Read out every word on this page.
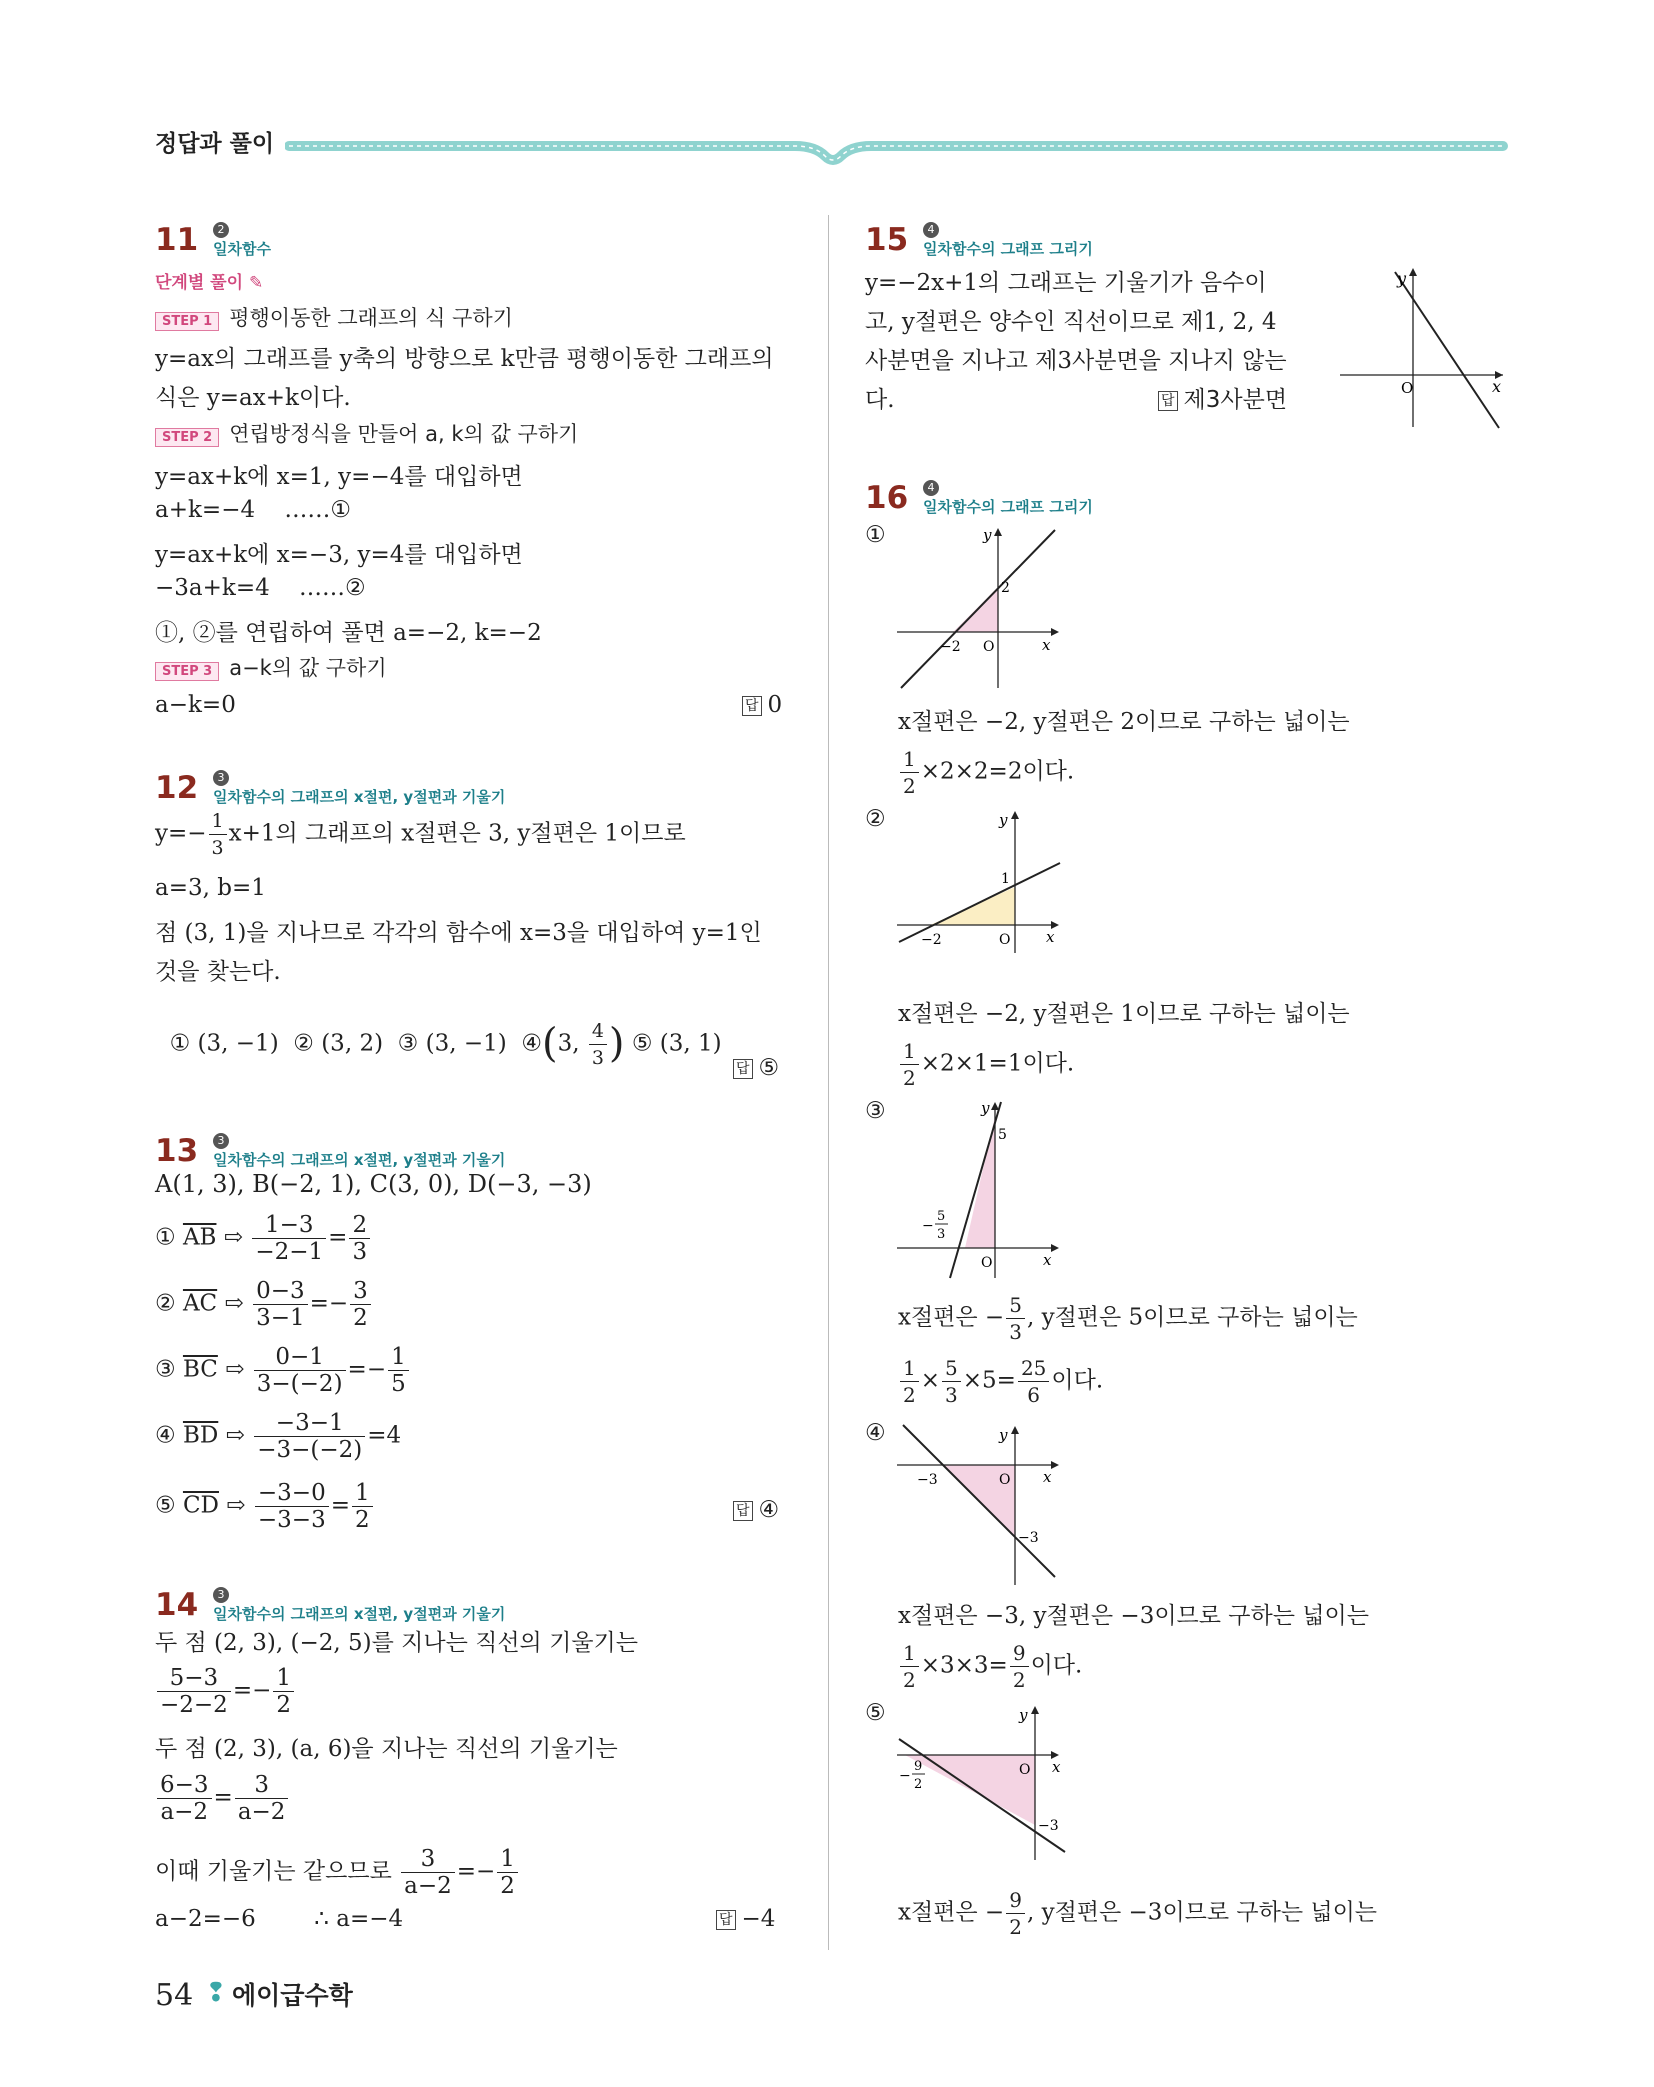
정답과 풀이
11	2
일차함수
단계별 풀이 ✎
STEP 1 평행이동한 그래프의 식 구하기
y=ax의 그래프를 y축의 방향으로 k만큼 평행이동한 그래프의
식은 y=ax+k이다.
STEP 2 연립방정식을 만들어 a, k의 값 구하기
y=ax+k에 x=1, y=−4를 대입하면
a+k=−4    ……①
y=ax+k에 x=−3, y=4를 대입하면
−3a+k=4    ……②
①, ②를 연립하여 풀면 a=−2, k=−2
STEP 3 a−k의 값 구하기
a−k=0	답 0
12	3
일차함수의 그래프의 x절편, y절편과 기울기
$y=- \frac{1}{3} x+1$의 그래프의 x절편은 3, y절편은 1이므로
a=3, b=1
점 (3, 1)을 지나므로 각각의 함수에 x=3을 대입하여 y=1인
것을 찾는다.

① (3, −1)  ② (3, 2)  ③ (3, −1)  ④(3, $\frac{4}{3}$ ) ⑤ (3, 1)

답 ⑤
13	3
일차함수의 그래프의 x절편, y절편과 기울기
A(1, 3), B(−2, 1), C(3, 0), D(−3, −3)
① $\overline{AB}$ ⇨ $\frac{1-3}{-2-1} = \frac{2}{3}$
② $\overline{AC}$ ⇨ $\frac{0-3}{3-1} =- \frac{3}{2}$
③ $\overline{BC}$ ⇨ $\frac{0-1}{3-(-2)} =- \frac{1}{5}$
④ $\overline{BD}$ ⇨ $\frac{-3-1}{-3-(-2)} =4$
⑤ $\overline{CD}$ ⇨ $\frac{-3-0}{-3-3} = \frac{1}{2}$	답 ④
14	3
일차함수의 그래프의 x절편, y절편과 기울기
두 점 (2, 3), (−2, 5)를 지나는 직선의 기울기는
$\frac{5-3}{-2-2} =- \frac{1}{2}$
두 점 (2, 3), (a, 6)을 지나는 직선의 기울기는
$\frac{6-3}{a-2} = \frac{3}{a-2}$
이때 기울기는 같으므로 $\frac{3}{a-2} =- \frac{1}{2}$
a−2=−6        ∴ a=−4	답 −4
54 ❢ 에이급수학
15	4
일차함수의 그래프 그리기
y=−2x+1의 그래프는 기울기가 음수이
고, y절편은 양수인 직선이므로 제1, 2, 4
사분면을 지나고 제3사분면을 지나지 않는
다.	답 제3사분면
y
x
O
16	4
일차함수의 그래프 그리기
①	y
x
O
−2
2
x절편은 −2, y절편은 2이므로 구하는 넓이는
$\frac{1}{2} \times 2\times 2=2$이다.
②	y
x
O
−2
1
x절편은 −2, y절편은 1이므로 구하는 넓이는
$\frac{1}{2} \times 2\times 1=1$이다.
③	y
x
O
5
−
5
3
x절편은 − $\frac{5}{3}$ , y절편은 5이므로 구하는 넓이는
$\frac{1}{2} \times \frac{5}{3} \times 5= \frac{25}{6}$ 이다.
④	y
x
O
−3
−3
x절편은 −3, y절편은 −3이므로 구하는 넓이는
$\frac{1}{2} \times 3\times 3= \frac{9}{2}$ 이다.
⑤	y
x
O
−3
−
9
2
x절편은 − $\frac{9}{2}$ , y절편은 −3이므로 구하는 넓이는
